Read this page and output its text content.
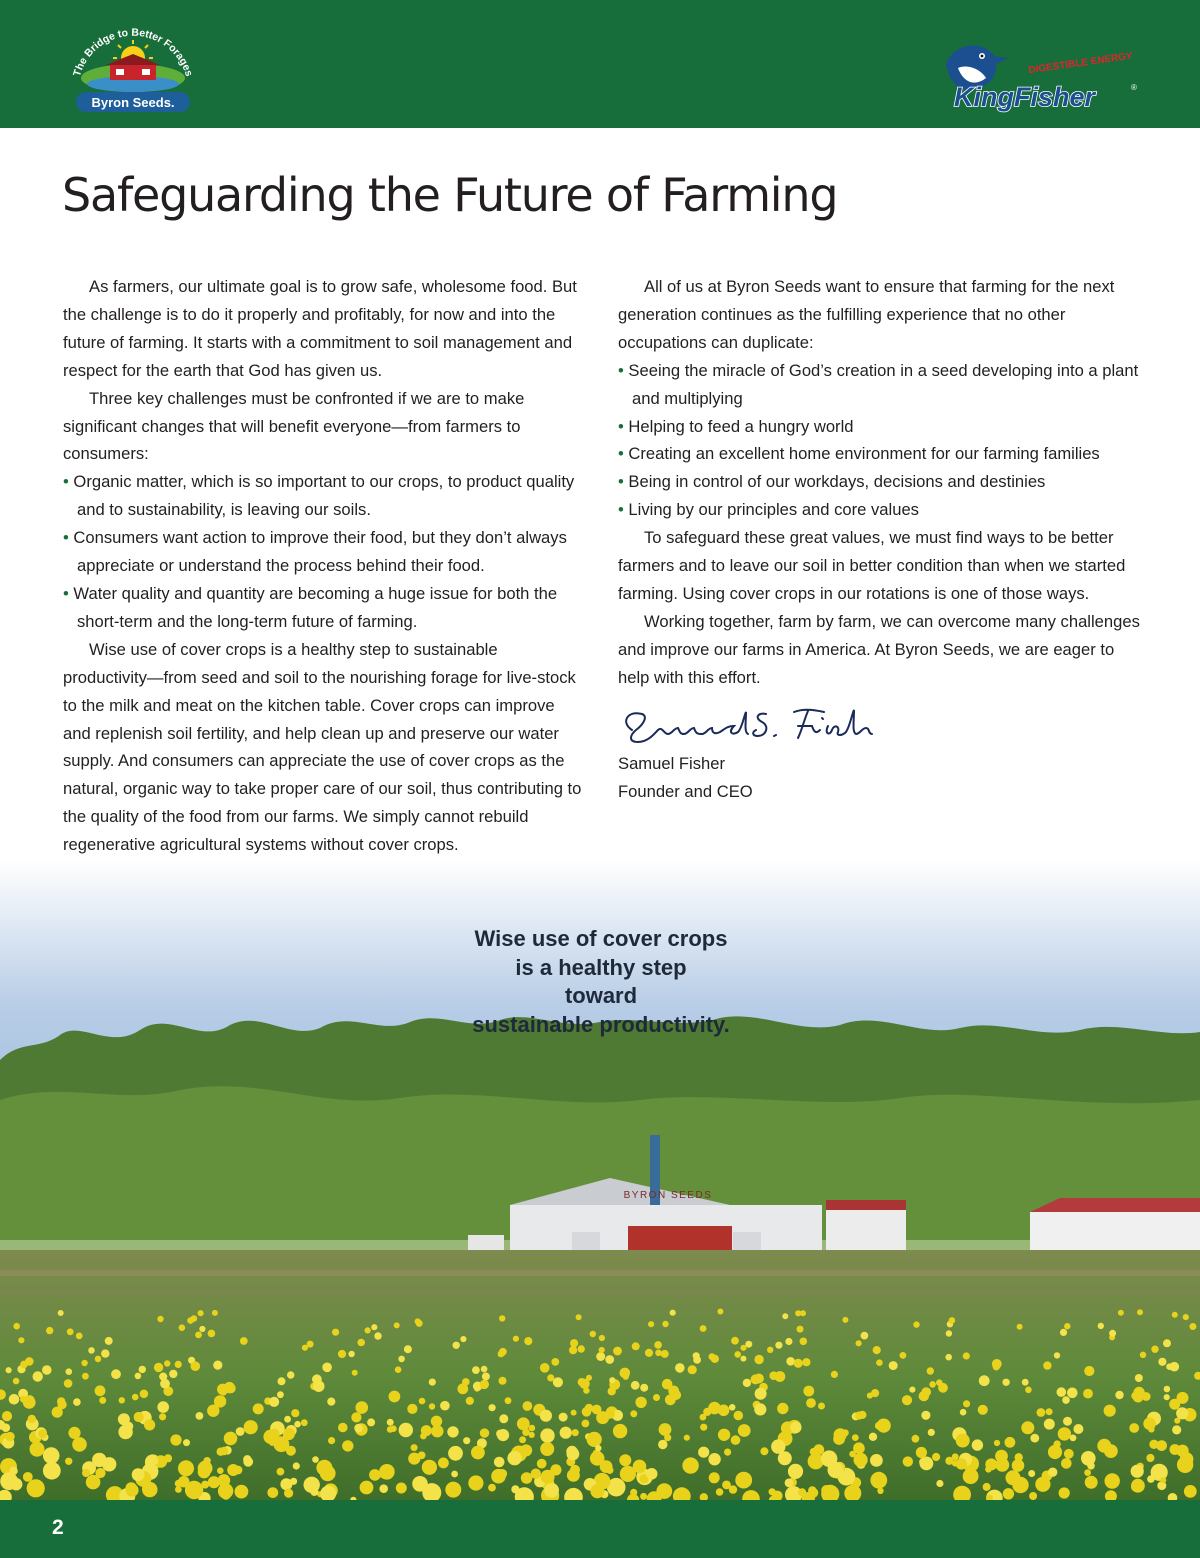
The Bridge to Better Forages
Byron Seeds.
DIGESTIBLE ENERGY
KingFisher	®
Safeguarding the Future of Farming

As farmers, our ultimate goal is to grow safe, wholesome food. But the challenge is to do it properly and profitably, for now and into the future of farming. It starts with a commitment to soil management and respect for the earth that God has given us.

Three key challenges must be confronted if we are to make significant changes that will benefit everyone—from farmers to consumers:

• Organic matter, which is so important to our crops, to product quality and to sustainability, is leaving our soils.

• Consumers want action to improve their food, but they don’t always appreciate or understand the process behind their food.

• Water quality and quantity are becoming a huge issue for both the short-term and the long-term future of farming.

Wise use of cover crops is a healthy step to sustainable productivity—from seed and soil to the nourishing forage for live-stock to the milk and meat on the kitchen table. Cover crops can improve and replenish soil fertility, and help clean up and preserve our water supply. And consumers can appreciate the use of cover crops as the natural, organic way to take proper care of our soil, thus contributing to the quality of the food from our farms. We simply cannot rebuild regenerative agricultural systems without cover crops.

All of us at Byron Seeds want to ensure that farming for the next generation continues as the fulfilling experience that no other occupations can duplicate:

• Seeing the miracle of God’s creation in a seed developing into a plant and multiplying

• Helping to feed a hungry world

• Creating an excellent home environment for our farming families

• Being in control of our workdays, decisions and destinies

• Living by our principles and core values

To safeguard these great values, we must find ways to be better farmers and to leave our soil in better condition than when we started farming. Using cover crops in our rotations is one of those ways.

Working together, farm by farm, we can overcome many challenges and improve our farms in America. At Byron Seeds, we are eager to help with this effort.

Samuel Fisher

Founder and CEO

BYRON SEEDS
Wise use of cover crops
is a healthy step
toward
sustainable productivity.
2
